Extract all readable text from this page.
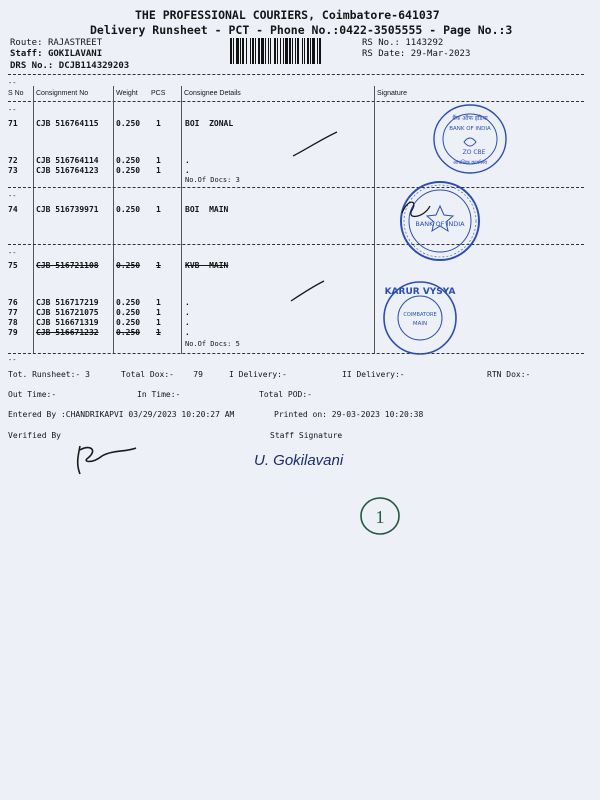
THE PROFESSIONAL COURIERS, Coimbatore-641037
Delivery Runsheet - PCT - Phone No.:0422-3505555 - Page No.:3
Route: RAJASTREET
Staff: GOKILAVANI
DRS No.: DCJB114329203
RS No.: 1143292
RS Date: 29-Mar-2023
--
S No Consignment No	Weight PCS	Consignee Details	Signature
--
71 CJB 516764115 0.250 1	BOI  ZONAL
72 CJB 516764114 0.250 1	.
73 CJB 516764123 0.250 1	.
No.Of Docs: 3
--
74 CJB 516739971 0.250 1	BOI  MAIN
--
75 CJB 516721108 0.250 1	KVB  MAIN
76 CJB 516717219 0.250 1	.
77 CJB 516721075 0.250 1	.
78 CJB 516671319 0.250 1	.
79 CJB 516671232 0.250 1	.
No.Of Docs: 5
--
बैंक ऑफ इंडिया
BANK OF INDIA
ZO CBE
आंचलिक कार्यालय
BANK OF INDIA
KARUR VYSYA
COIMBATORE
MAIN
Tot. Runsheet:- 3	Total Dox:-    79	I Delivery:-	II Delivery:-	RTN Dox:-
Out Time:-	In Time:-	Total POD:-
Entered By :CHANDRIKAPVI 03/29/2023 10:20:27 AM	Printed on: 29-03-2023 10:20:38
Verified By	Staff Signature
U. Gokilavani
1
